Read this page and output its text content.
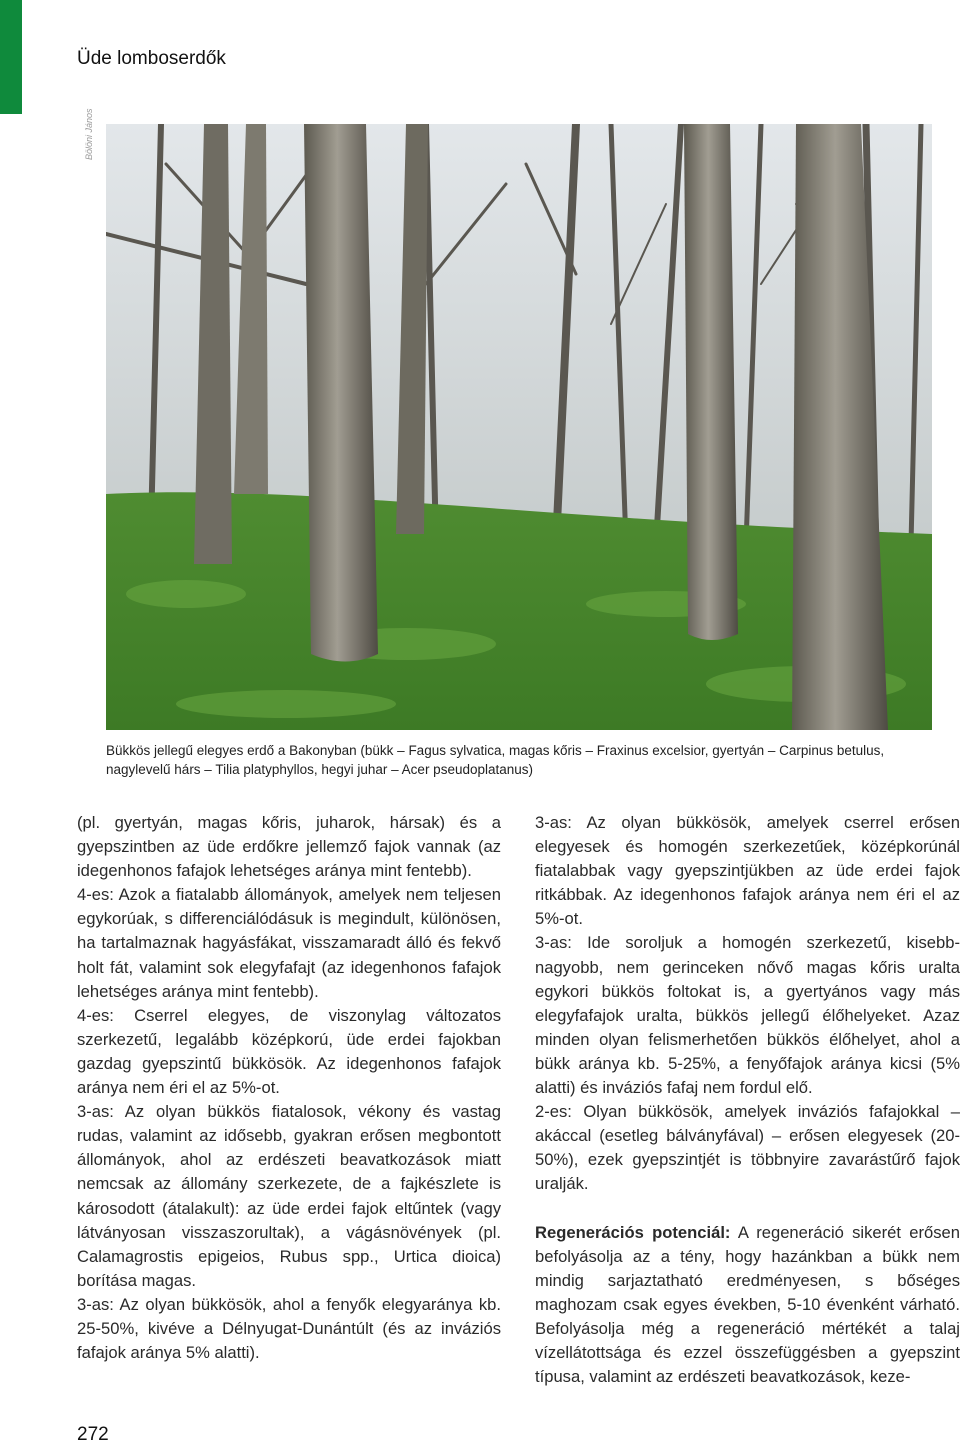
Üde lomboserdők
Bölöni János
Bükkös jellegű elegyes erdő a Bakonyban (bükk – Fagus sylvatica, magas kőris – Fraxinus excelsior, gyertyán – Carpinus betulus,
nagylevelű hárs – Tilia platyphyllos, hegyi juhar – Acer pseudoplatanus)

(pl. gyertyán, magas kőris, juharok, hársak) és a gyepszintben az üde erdőkre jellemző fajok vannak (az idegenhonos fafajok lehetséges aránya mint fentebb).

4-es: Azok a fiatalabb állományok, amelyek nem teljesen egykorúak, s differenciálódásuk is megindult, különösen, ha tartalmaznak hagyásfákat, visszamaradt álló és fekvő holt fát, valamint sok elegyfafajt (az idegenhonos fafajok lehetséges aránya mint fentebb).

4-es: Cserrel elegyes, de viszonylag változatos szerkezetű, legalább középkorú, üde erdei fajokban gazdag gyepszintű bükkösök. Az idegenhonos fafajok aránya nem éri el az 5%-ot.

3-as: Az olyan bükkös fiatalosok, vékony és vastag rudas, valamint az idősebb, gyakran erősen megbontott állományok, ahol az erdészeti beavatkozások miatt nemcsak az állomány szerkezete, de a fajkészlete is károsodott (átalakult): az üde erdei fajok eltűntek (vagy látványosan visszaszorultak), a vágásnövények (pl. Calamagrostis epigeios, Rubus spp., Urtica dioica) borítása magas.

3-as: Az olyan bükkösök, ahol a fenyők elegyaránya kb. 25-50%, kivéve a Délnyugat-Dunántúlt (és az inváziós fafajok aránya 5% alatti).

3-as: Az olyan bükkösök, amelyek cserrel erősen elegyesek és homogén szerkezetűek, középkorúnál fiatalabbak vagy gyepszintjükben az üde erdei fajok ritkábbak. Az idegenhonos fafajok aránya nem éri el az 5%-ot.

3-as: Ide soroljuk a homogén szerkezetű, kisebb-nagyobb, nem gerinceken nővő magas kőris uralta egykori bükkös foltokat is, a gyertyános vagy más elegyfafajok uralta, bükkös jellegű élőhelyeket. Azaz minden olyan felismerhetően bükkös élőhelyet, ahol a bükk aránya kb. 5-25%, a fenyőfajok aránya kicsi (5% alatti) és inváziós fafaj nem fordul elő.

2-es: Olyan bükkösök, amelyek inváziós fafajokkal – akáccal (esetleg bálványfával) – erősen elegyesek (20-50%), ezek gyepszintjét is többnyire zavarástűrő fajok uralják.

Regenerációs potenciál: A regeneráció sikerét erősen befolyásolja az a tény, hogy hazánkban a bükk nem mindig sarjaztatható eredményesen, s bőséges maghozam csak egyes években, 5-10 évenként várható. Befolyásolja még a regeneráció mértékét a talaj vízellátottsága és ezzel összefüggésben a gyepszint típusa, valamint az erdészeti beavatkozások, keze-

272
